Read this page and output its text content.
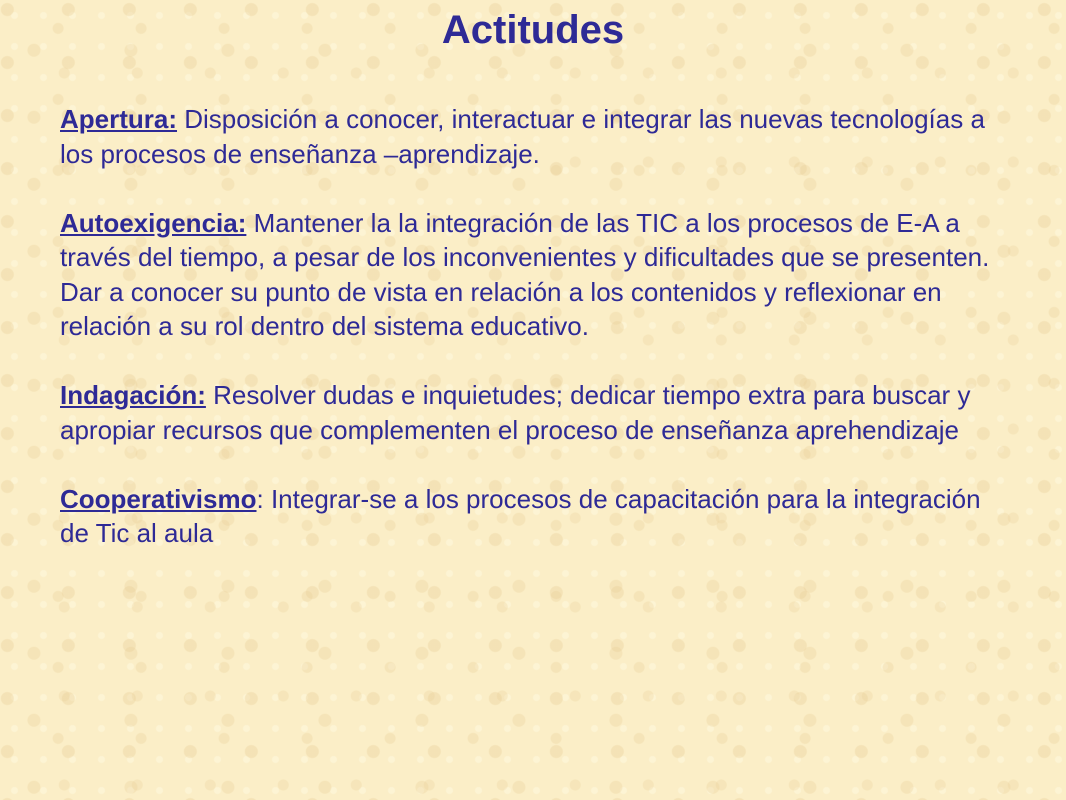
Actitudes

Apertura: Disposición a conocer, interactuar e integrar las nuevas tecnologías a los procesos de enseñanza –aprendizaje.

Autoexigencia: Mantener la la integración de las TIC a los procesos de E-A a través del tiempo, a pesar de los inconvenientes y dificultades que se presenten. Dar a conocer su punto de vista en relación a los contenidos y reflexionar en relación a su rol dentro del sistema educativo.

Indagación: Resolver dudas e inquietudes; dedicar tiempo extra para buscar y apropiar recursos que complementen el proceso de enseñanza aprehendizaje

Cooperativismo: Integrar-se a los procesos de capacitación para la integración de Tic al aula
